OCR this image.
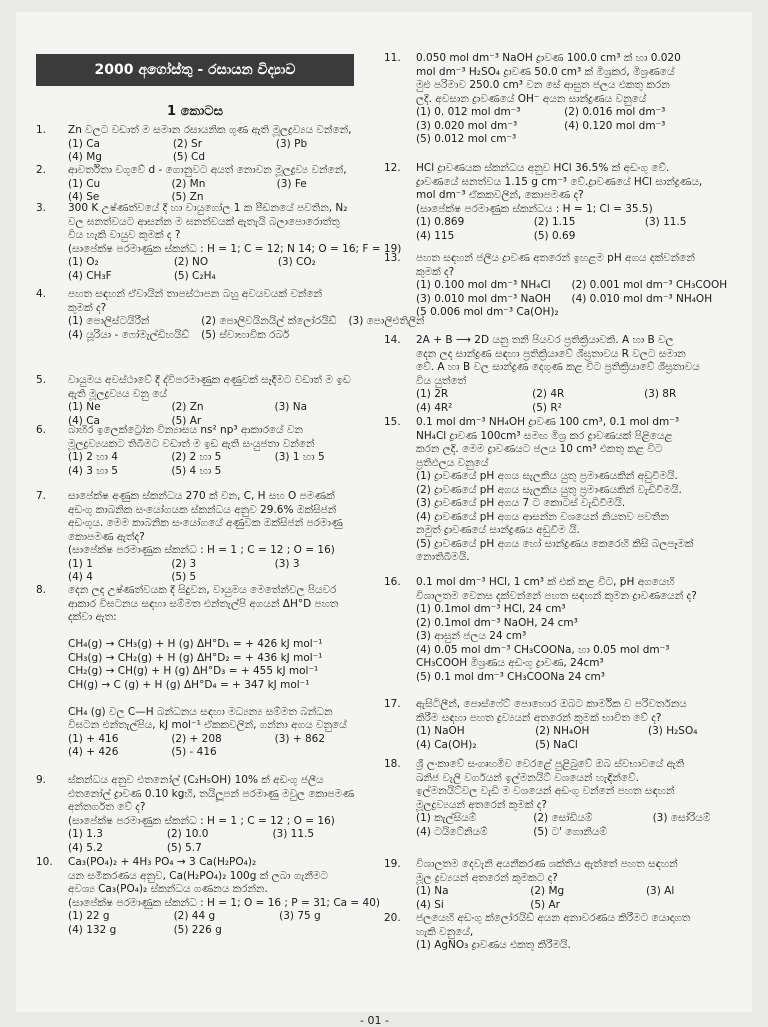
2000 අගෝස්තු - රසායන විද්‍යාව
1 කොටස
1.	Zn වලට වඩාත් ම සමාන රසායනික ගුණ ඇති මූලද්‍රව්‍යය වන්නේ,
(1) Ca	(2) Sr	(3) Pb
(4) Mg	(5) Cd
2.	ආවර්තිතා වගුවේ d - ගොනුවට අයත් නොවන මූලද්‍රව්‍ය වන්නේ,
(1) Cu	(2) Mn	(3) Fe
(4) Se	(5) Zn
3.	300 K උෂ්ණත්වයේ දී හා වායුගෝල 1 ක පීඩනයේ පවතින, N₂
වල ඝනත්වයට ආසන්න ම ඝනත්වයක් ඇතැයි බලාපොරොත්තු
විය හැකි වායුව කුමක් ද ?
(සාපේක්ෂ පරමාණුක ස්කන්ධ : H = 1; C = 12; N 14; O = 16; F = 19)
(1) O₂	(2) NO	(3) CO₂
(4) CH₃F	(5) C₂H₄
4.	පහත සඳහන් ඒවායින් තාපස්ථාපන බහු අවයවයක් වන්නේ
කුමක් ද?
(1) පොලිස්ටයිරීන්	(2) පොලිවයිනයිල් ක්ලෝරයිඩ් (3) පොලිඑතිලීන්
(4) යූරියා - ෆෝමැල්ඩිහයිඩ් (5) ස්වාභාවික රබර්
5.	වායුමය අවස්ථාවේ දී ද්විපරමාණුක අණුවක් සෑදීමට වඩාත් ම ඉඩ
ඇති මූලද්‍රව්‍යය වනු යේ
(1) Ne	(2) Zn	(3) Na
(4) Ca	(5) Ar
6.	බාහිර ඉලෙක්ට්‍රෝන වින්‍යාසය ns² np³ ආකාරයේ වන
මූලද්‍රව්‍යයකට තිබීමට වඩාත් ම ඉඩ ඇති සංයුජතා වන්නේ
(1) 2 හා 4	(2) 2 හා 5	(3) 1 හා 5
(4) 3 හා 5	(5) 4 හා 5
7.	සාපේක්ෂ අණුක ස්කන්ධය 270 ක් වන, C, H සහ O පමණක්
අඩංගු කාබනික සංයෝගයක ස්කන්ධය අනුව 29.6% ඔක්සිජන්
අඩංගුය. මෙම කාබනික සංයෝගයේ අණුවක ඔක්සිජන් පරමාණු
කොපමණ ඇත්ද?
(සාපේක්ෂ පරමාණුක ස්කන්ධ : H = 1 ; C = 12 ; O = 16)
(1) 1	(2) 3	(3) 3
(4) 4	(5) 5
8.	දෙන ලද උෂ්ණත්වයක දී සිදුවන, වායුමය මෙතේන්වල පියවර
ආකාර විඝටනය සඳහා සම්මත එන්තැල්පි අගයන් ΔH°D පහත
දක්වා ඇත:

CH₄(g) → CH₃(g) + H (g) ΔH°D₁ = + 426 kJ mol⁻¹
CH₃(g) → CH₂(g) + H (g) ΔH°D₂ = + 436 kJ mol⁻¹
CH₂(g) → CH(g) + H (g) ΔH°D₃ = + 455 kJ mol⁻¹
CH(g) → C (g) + H (g) ΔH°D₄ = + 347 kJ mol⁻¹

CH₄ (g) වල C—H බන්ධනය සඳහා මධ්‍යන්‍ය සම්මත බන්ධන
විඝටන එන්තැල්පිය, kJ mol⁻¹ ඒකකවලින්, ගන්නා අගය වනුයේ
(1) + 416	(2) + 208	(3) + 862
(4) + 426	(5) - 416
9.	ස්කන්ධය අනුව එතනෝල් (C₂H₅OH) 10% ක් අඩංගු ජලීය
එතනෝල් ද්‍රාවණ 0.10 kgහි, තයිලූපන් පරමාණු මවුල කොපමණ
අන්තර්ගත වේ ද?
(සාපේක්ෂ පරමාණුක ස්කන්ධ : H = 1 ; C = 12 ; O = 16)
(1) 1.3	(2) 10.0	(3) 11.5
(4) 5.2	(5) 5.7
10.	Ca₃(PO₄)₂ + 4H₃ PO₄ → 3 Ca(H₂PO₄)₂
යන සමීකරණය අනුව, Ca(H₂PO₄)₂ 100g ක් ලබා ගැනීමට
අවශ්‍ය Ca₃(PO₄)₂ ස්කන්ධය ගණනය කරන්න.
(සාපේක්ෂ පරමාණුක ස්කන්ධ : H = 1; O = 16 ; P = 31; Ca = 40)
(1) 22 g	(2) 44 g	(3) 75 g
(4) 132 g	(5) 226 g
11.	0.050 mol dm⁻³ NaOH ද්‍රාවණ 100.0 cm³ ක් හා 0.020
mol dm⁻³ H₂SO₄ ද්‍රාවණ 50.0 cm³ ක් මිශ්‍රකර, මිශ්‍රණයේ
මුළු පරිමාව 250.0 cm³ වන සේ ආසුත ජලය එකතු කරන
ලදි. අවසාන ද්‍රාවණයේ OH⁻ අයන සාන්ද්‍රණය වනුයේ
(1) 0. 012 mol dm⁻³	(2) 0.016 mol dm⁻³

(3) 0.020 mol dm⁻³	(4) 0.120 mol dm⁻³

(5) 0.012 mol cm⁻³
12.	HCl ද්‍රාවණයක ස්කන්ධය අනුව HCl 36.5% ක් අඩංගු වේ.
ද්‍රාවණයේ ඝනත්වය 1.15 g cm⁻³ වේ.ද්‍රාවණයේ HCl සාන්ද්‍රණය,
mol dm⁻³ ඒකකවලින්, කොපමණ ද?
(සාපේක්ෂ පරමාණුක ස්කන්ධය : H = 1; Cl = 35.5)
(1) 0.869	(2) 1.15	(3) 11.5
(4) 115	(5) 0.69
13.	පහත සඳහන් ජලීය ද්‍රාවණ අතරෙන් ඉහළම pH අගය දක්වන්නේ
කුමක් ද?
(1) 0.100 mol dm⁻³ NH₄Cl	(2) 0.001 mol dm⁻³ CH₃COOH

(3) 0.010 mol dm⁻³ NaOH	(4) 0.010 mol dm⁻³ NH₄OH

(5 0.006 mol dm⁻³ Ca(OH)₂
14.	2A + B ⟶ 2D යනු තනි පියවර ප්‍රතික්‍රියාවකි. A හා B වල
දෙන ලද සාන්ද්‍රණ සඳහා ප්‍රතික්‍රියාවේ ශීඝ්‍රතාවය R වලට සමාන
වේ. A හා B වල සාන්ද්‍රණ දෙගුණ කළ විට ප්‍රතික්‍රියාවේ ශීඝ්‍රතාවය
විය යුත්තේ
(1) 2R	(2) 4R	(3) 8R
(4) 4R²	(5) R²
15.	0.1 mol dm⁻³ NH₄OH ද්‍රාවණ 100 cm³, 0.1 mol dm⁻³
NH₄Cl ද්‍රාවණ 100cm³ සමඟ මිශ්‍ර කර ද්‍රාවණයක් පිළියෙළ
කරන ලදි. මෙම ද්‍රාවණයට ජලය 10 cm³ එකතු කළ විට
ප්‍රතිඵලය වනුයේ
(1) ද්‍රාවණයේ pH අගය සැලකිය යුතු ප්‍රමාණයකින් අඩුවීමයි.
(2) ද්‍රාවණයේ pH අගය සැලකිය යුතු ප්‍රමාණයකින් වැඩිවීමයි.
(3) ද්‍රාවණයේ pH අගය 7 ට කොටස් වැඩිවීමයි.
(4) ද්‍රාවණයේ pH අගය ආසන්න වශයෙන් නියතව පවතින
නමුත් ද්‍රාවණයේ සාන්ද්‍රණය අඩුවීම යි.
(5) ද්‍රාවණයේ pH අගය හෝ සාන්ද්‍රණය කෙරෙහි කිසි බලපෑමක්
නොතිබීමයි.
16.	0.1 mol dm⁻³ HCl, 1 cm³ ක් එක් කළ විට, pH අගයෙහි
විශාලතම වෙනස දක්වන්නේ පහත සඳහන් කුමන ද්‍රාවණයෙන් ද?
(1) 0.1mol dm⁻³ HCl, 24 cm³
(2) 0.1mol dm⁻³ NaOH, 24 cm³
(3) ආසුන් ජලය 24 cm³
(4) 0.05 mol dm⁻³ CH₃COONa, හා 0.05 mol dm⁻³
CH₃COOH මිශ්‍රණය අඩංගු ද්‍රාවණ, 24cm³
(5) 0.1 mol dm⁻³ CH₃COONa 24 cm³
17.	ඇසිටිලීන්, පොස්ෆේට් පොහොර ඔබට කාර්මික ව පරිවර්තනය
කිරීම සඳහා පහත ද්‍රව්‍යයන් අතරෙන් කුමක් භාවිත වේ ද?
(1) NaOH	(2) NH₄OH	(3) H₂SO₄
(4) Ca(OH)₂	(5) NaCl

18.	ශ්‍රී ලංකාවේ සංගෘහමිව වෙරළේ පුළිබුවේ ඔබ ස්වභාවයේ ඇති
ඛනිජ වැලි වර්ගයන් ඉල්මනයිට් වශයෙන් හැඳින්වේ.
ඉල්මනයිට්වල වැඩි ම වශයෙන් අඩංගු වන්නේ පහත සඳහන්
මූලද්‍රව්‍යයන් අතරෙන් කුමක් ද?
(1) කැල්සියම්	(2) සෝඩියම්	(3) සෝරියම්
(4) ටයිටේනියම්	(5) ට' ගොනියම්

19.	විශාලතම දෙවැනි අයනීකරණ ශක්තිය ඇත්තේ පහත සඳහන්
මූල ද්‍රව්‍යයන් අතරෙන් කුමකට ද?
(1) Na	(2) Mg	(3) Al
(4) Si	(5) Ar

20.	ජලයෙහි අඩංගු ක්ලෝරයිඩ් අයන අනාවරණය කිරීමට යොදාගත
හැකි වනුයේ,
(1) AgNO₃ ද්‍රාවණය එකතු කිරීමයි.
- 01 -
